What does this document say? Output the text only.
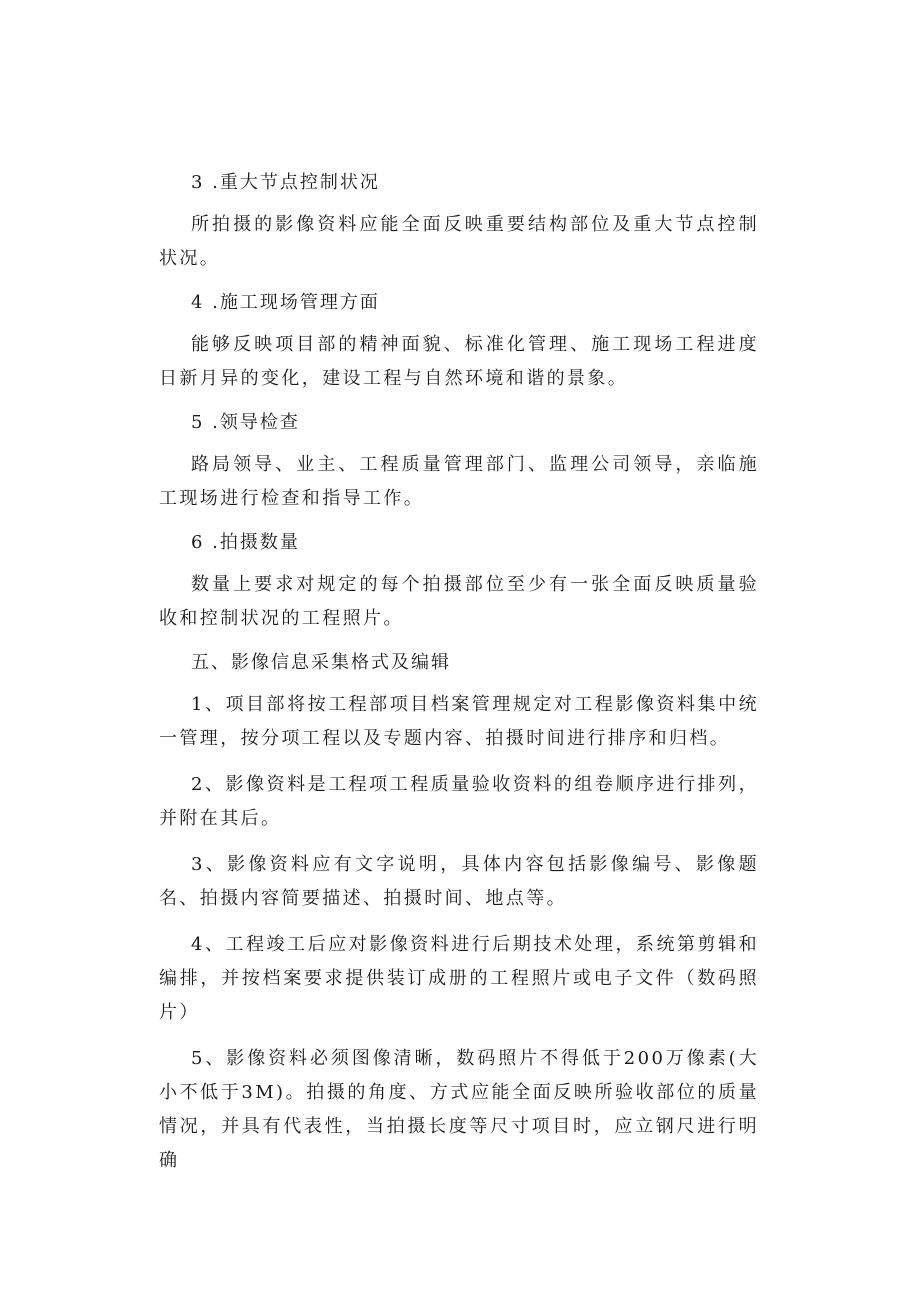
3 .重大节点控制状况

所拍摄的影像资料应能全面反映重要结构部位及重大节点控制状况。

4 .施工现场管理方面

能够反映项目部的精神面貌、标准化管理、施工现场工程进度日新月异的变化，建设工程与自然环境和谐的景象。

5 .领导检查

路局领导、业主、工程质量管理部门、监理公司领导，亲临施工现场进行检查和指导工作。

6 .拍摄数量

数量上要求对规定的每个拍摄部位至少有一张全面反映质量验收和控制状况的工程照片。

五、影像信息采集格式及编辑

1、项目部将按工程部项目档案管理规定对工程影像资料集中统一管理，按分项工程以及专题内容、拍摄时间进行排序和归档。

2、影像资料是工程项工程质量验收资料的组卷顺序进行排列，并附在其后。

3、影像资料应有文字说明，具体内容包括影像编号、影像题名、拍摄内容简要描述、拍摄时间、地点等。

4、工程竣工后应对影像资料进行后期技术处理，系统第剪辑和编排，并按档案要求提供装订成册的工程照片或电子文件（数码照片）

5、影像资料必须图像清晰，数码照片不得低于200万像素(大小不低于3M)。拍摄的角度、方式应能全面反映所验收部位的质量情况，并具有代表性，当拍摄长度等尺寸项目时，应立钢尺进行明确
